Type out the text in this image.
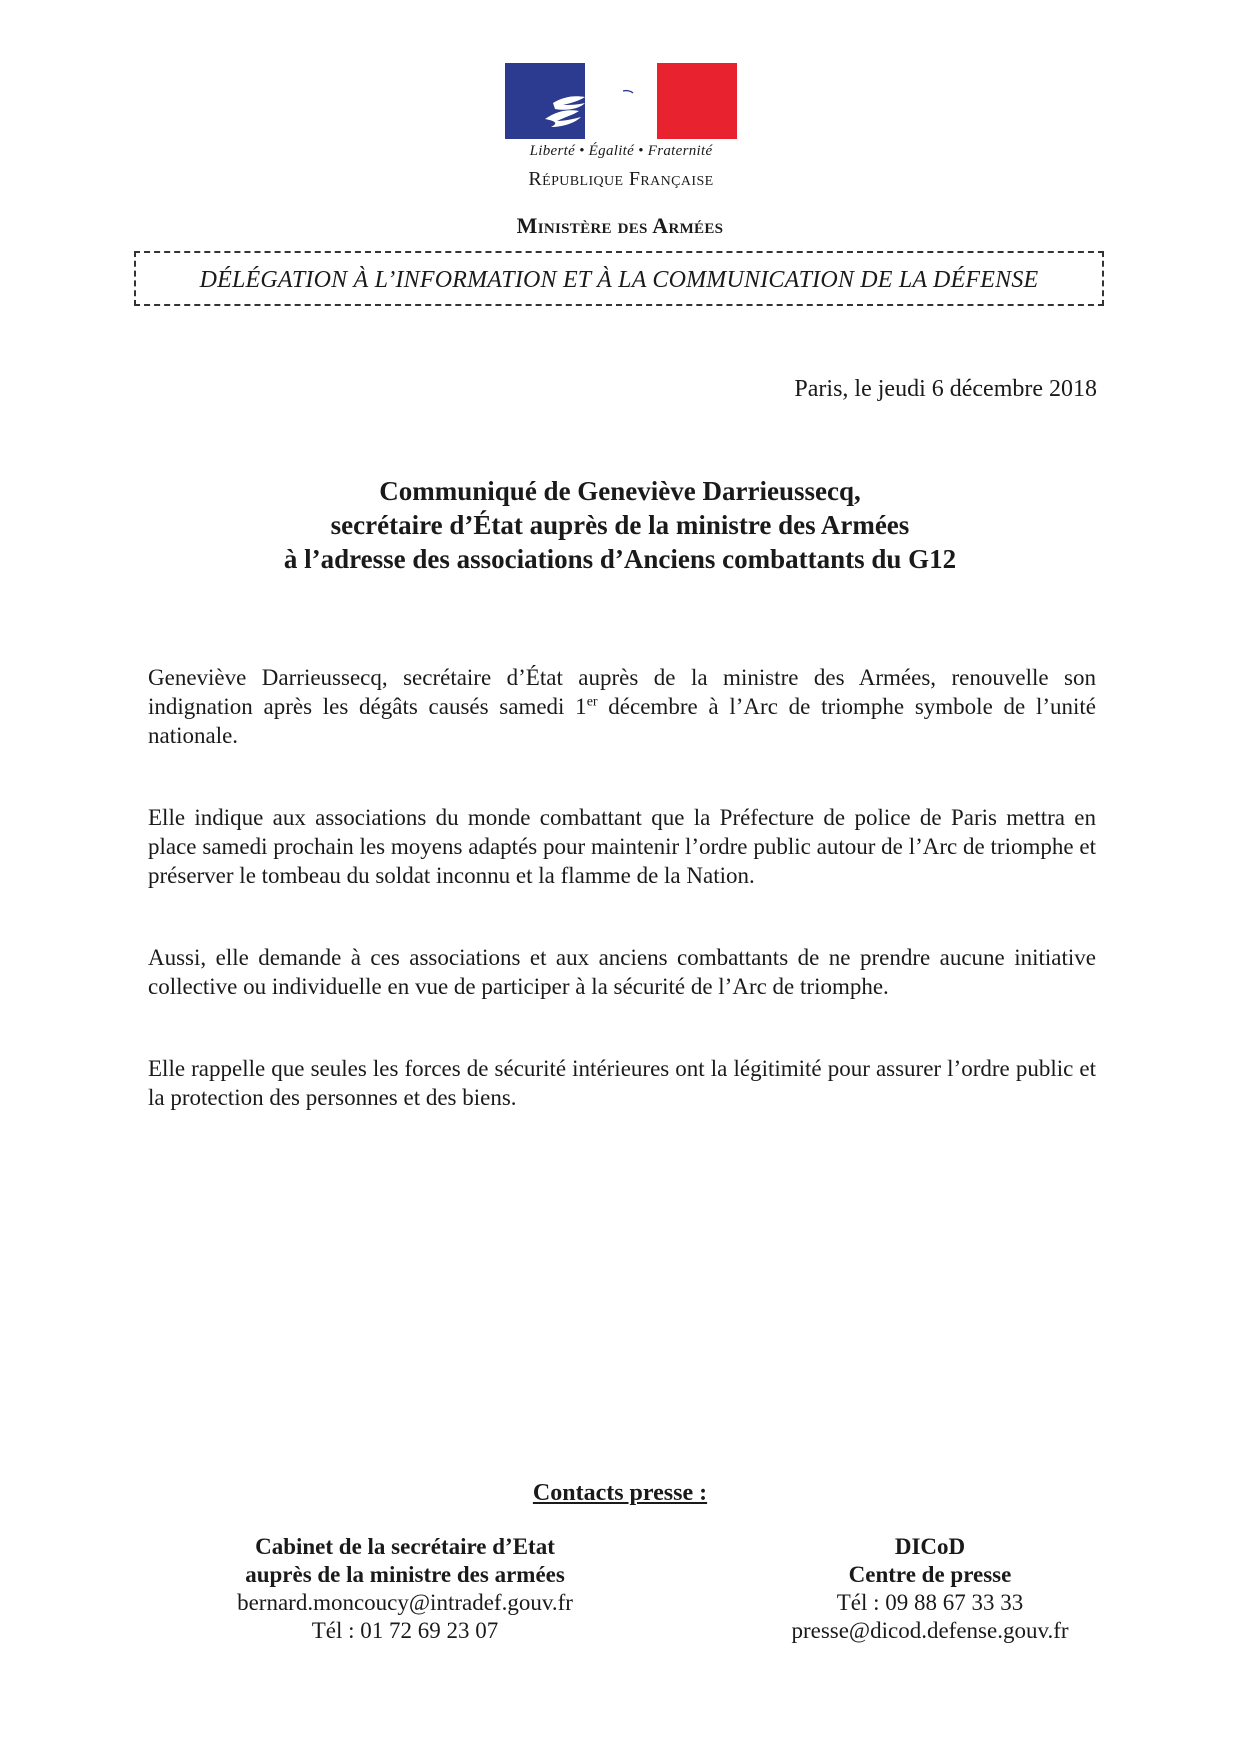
Liberté • Égalité • Fraternité
République Française
Ministère des Armées
DÉLÉGATION À L’INFORMATION ET À LA COMMUNICATION DE LA DÉFENSE
Paris, le jeudi 6 décembre 2018
Communiqué de Geneviève Darrieussecq,
secrétaire d’État auprès de la ministre des Armées
à l’adresse des associations d’Anciens combattants du G12
Geneviève Darrieussecq, secrétaire d’État auprès de la ministre des Armées, renouvelle son indignation après les dégâts causés samedi 1er décembre à l’Arc de triomphe symbole de l’unité nationale.
Elle indique aux associations du monde combattant que la Préfecture de police de Paris mettra en place samedi prochain les moyens adaptés pour maintenir l’ordre public autour de l’Arc de triomphe et préserver le tombeau du soldat inconnu et la flamme de la Nation.
Aussi, elle demande à ces associations et aux anciens combattants de ne prendre aucune initiative collective ou individuelle en vue de participer à la sécurité de l’Arc de triomphe.
Elle rappelle que seules les forces de sécurité intérieures ont la légitimité pour assurer l’ordre public et la protection des personnes et des biens.
Contacts presse :
Cabinet de la secrétaire d’Etat
auprès de la ministre des armées
bernard.moncoucy@intradef.gouv.fr
Tél : 01 72 69 23 07
DICoD
Centre de presse
Tél : 09 88 67 33 33
presse@dicod.defense.gouv.fr
